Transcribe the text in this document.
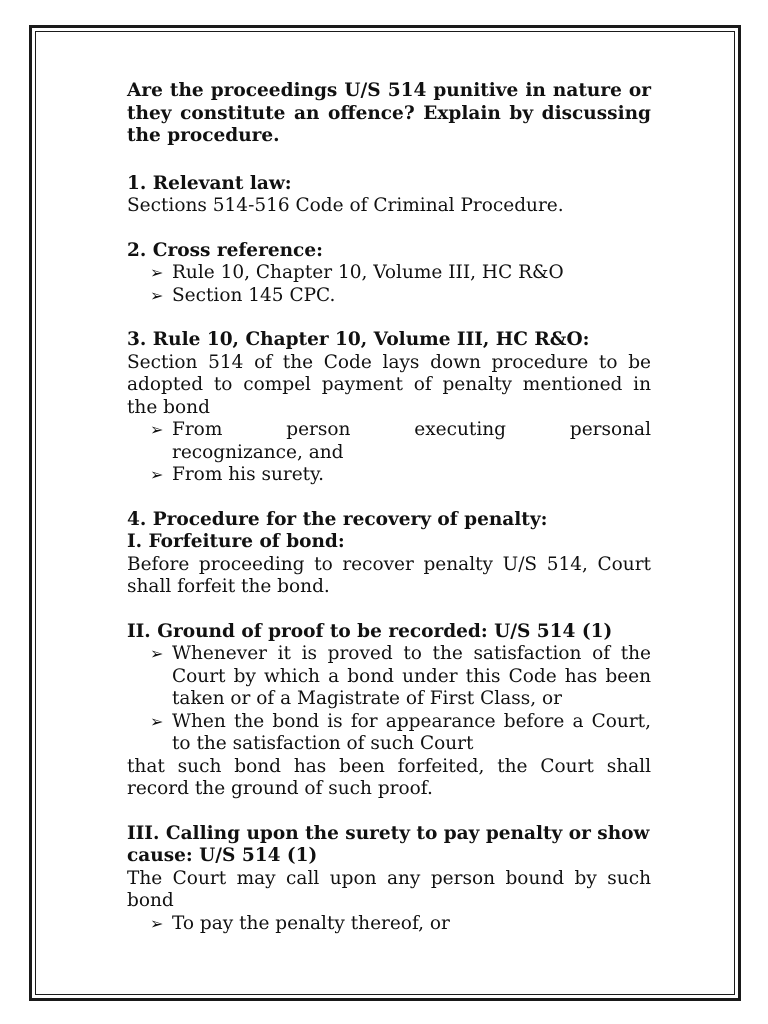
Are the proceedings U/S 514 punitive in nature or they constitute an offence? Explain by discussing the procedure.

1. Relevant law:

Sections 514-516 Code of Criminal Procedure.

2. Cross reference:

➢ Rule 10, Chapter 10, Volume III, HC R&O
➢ Section 145 CPC.

3. Rule 10, Chapter 10, Volume III, HC R&O:

Section 514 of the Code lays down procedure to be adopted to compel payment of penalty mentioned in the bond

➢ From person executing personal
recognizance, and
➢ From his surety.

4. Procedure for the recovery of penalty:

I. Forfeiture of bond:

Before proceeding to recover penalty U/S 514, Court shall forfeit the bond.

II. Ground of proof to be recorded: U/S 514 (1)

➢ Whenever it is proved to the satisfaction of the Court by which a bond under this Code has been taken or of a Magistrate of First Class, or
➢ When the bond is for appearance before a Court, to the satisfaction of such Court

that such bond has been forfeited, the Court shall record the ground of such proof.

III. Calling upon the surety to pay penalty or show cause: U/S 514 (1)

The Court may call upon any person bound by such bond

➢ To pay the penalty thereof, or
